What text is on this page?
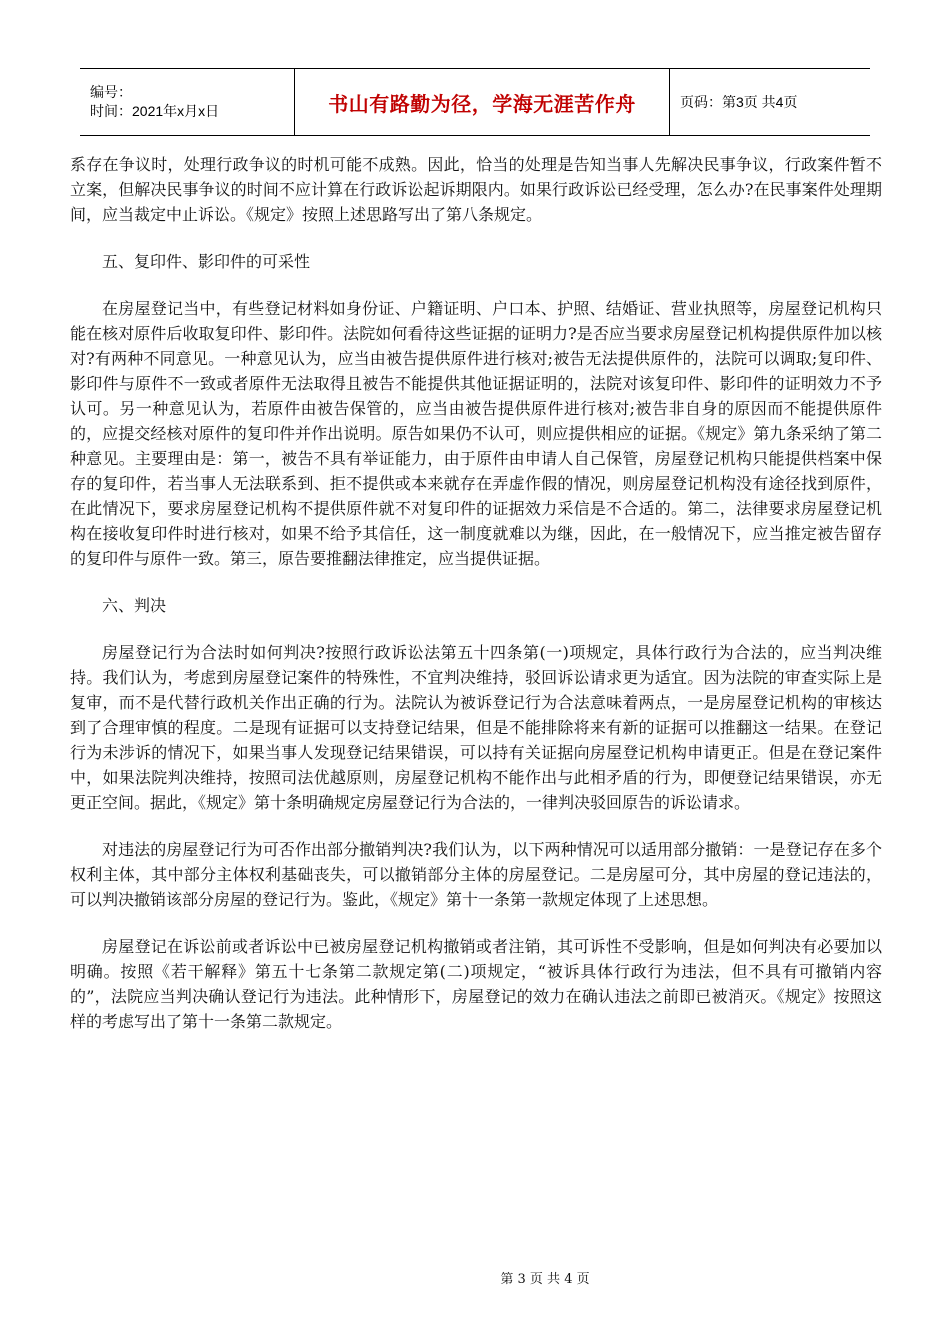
编号：
时间：2021年x月x日	书山有路勤为径，学海无涯苦作舟	页码：第3页 共4页

系存在争议时，处理行政争议的时机可能不成熟。因此，恰当的处理是告知当事人先解决民事争议，行政案件暂不立案，但解决民事争议的时间不应计算在行政诉讼起诉期限内。如果行政诉讼已经受理，怎么办?在民事案件处理期间，应当裁定中止诉讼。《规定》按照上述思路写出了第八条规定。

五、复印件、影印件的可采性

在房屋登记当中，有些登记材料如身份证、户籍证明、户口本、护照、结婚证、营业执照等，房屋登记机构只能在核对原件后收取复印件、影印件。法院如何看待这些证据的证明力?是否应当要求房屋登记机构提供原件加以核对?有两种不同意见。一种意见认为，应当由被告提供原件进行核对;被告无法提供原件的，法院可以调取;复印件、影印件与原件不一致或者原件无法取得且被告不能提供其他证据证明的，法院对该复印件、影印件的证明效力不予认可。另一种意见认为，若原件由被告保管的，应当由被告提供原件进行核对;被告非自身的原因而不能提供原件的，应提交经核对原件的复印件并作出说明。原告如果仍不认可，则应提供相应的证据。《规定》第九条采纳了第二种意见。主要理由是：第一，被告不具有举证能力，由于原件由申请人自己保管，房屋登记机构只能提供档案中保存的复印件，若当事人无法联系到、拒不提供或本来就存在弄虚作假的情况，则房屋登记机构没有途径找到原件，在此情况下，要求房屋登记机构不提供原件就不对复印件的证据效力采信是不合适的。第二，法律要求房屋登记机构在接收复印件时进行核对，如果不给予其信任，这一制度就难以为继，因此，在一般情况下，应当推定被告留存的复印件与原件一致。第三，原告要推翻法律推定，应当提供证据。

六、判决

房屋登记行为合法时如何判决?按照行政诉讼法第五十四条第(一)项规定，具体行政行为合法的，应当判决维持。我们认为，考虑到房屋登记案件的特殊性，不宜判决维持，驳回诉讼请求更为适宜。因为法院的审查实际上是复审，而不是代替行政机关作出正确的行为。法院认为被诉登记行为合法意味着两点，一是房屋登记机构的审核达到了合理审慎的程度。二是现有证据可以支持登记结果，但是不能排除将来有新的证据可以推翻这一结果。在登记行为未涉诉的情况下，如果当事人发现登记结果错误，可以持有关证据向房屋登记机构申请更正。但是在登记案件中，如果法院判决维持，按照司法优越原则，房屋登记机构不能作出与此相矛盾的行为，即便登记结果错误，亦无更正空间。据此，《规定》第十条明确规定房屋登记行为合法的，一律判决驳回原告的诉讼请求。

对违法的房屋登记行为可否作出部分撤销判决?我们认为，以下两种情况可以适用部分撤销：一是登记存在多个权利主体，其中部分主体权利基础丧失，可以撤销部分主体的房屋登记。二是房屋可分，其中房屋的登记违法的，可以判决撤销该部分房屋的登记行为。鉴此，《规定》第十一条第一款规定体现了上述思想。

房屋登记在诉讼前或者诉讼中已被房屋登记机构撤销或者注销，其可诉性不受影响，但是如何判决有必要加以明确。按照《若干解释》第五十七条第二款规定第(二)项规定，“被诉具体行政行为违法，但不具有可撤销内容的”，法院应当判决确认登记行为违法。此种情形下，房屋登记的效力在确认违法之前即已被消灭。《规定》按照这样的考虑写出了第十一条第二款规定。

第 3 页 共 4 页
